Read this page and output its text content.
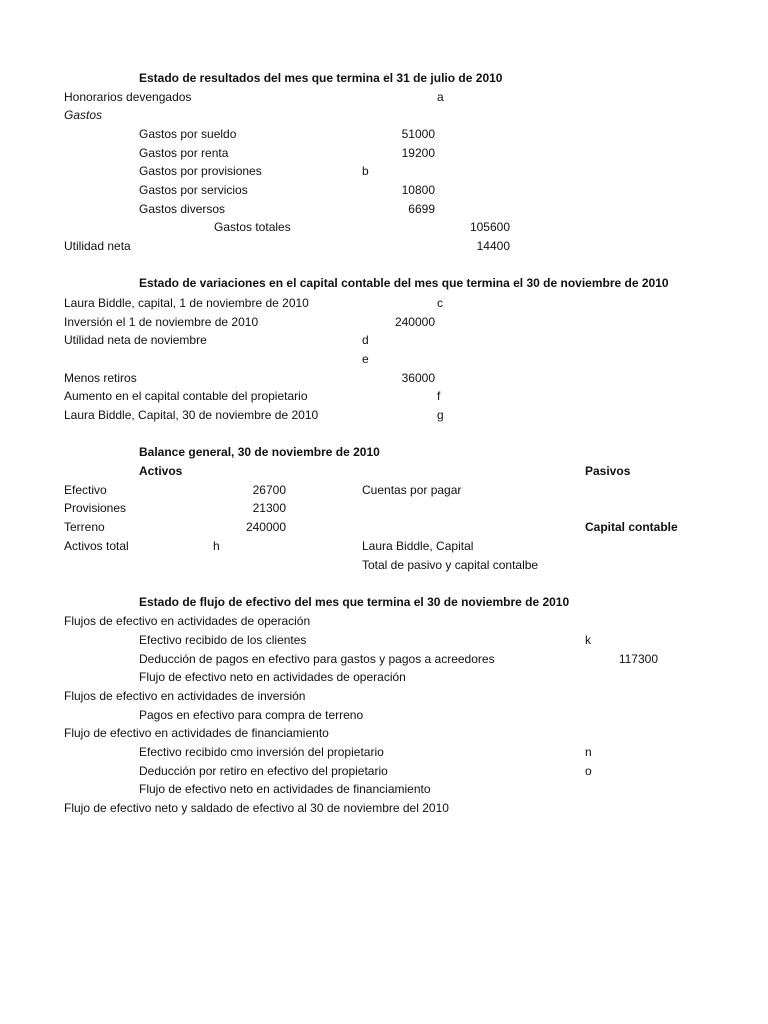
Estado de resultados del mes que termina el 31 de julio de 2010
Honorarios devengados	a
Gastos
Gastos por sueldo	51000
Gastos por renta	19200
Gastos por provisiones	b
Gastos por servicios	10800
Gastos diversos	6699
Gastos totales	105600
Utilidad neta	14400
Estado de variaciones en el capital contable del mes que termina el 30 de noviembre de 2010
Laura Biddle, capital, 1 de noviembre de 2010	c
Inversión el 1 de noviembre de 2010	240000
Utilidad neta de noviembre	d
e
Menos retiros	36000
Aumento en el capital contable del propietario	f
Laura Biddle, Capital, 30 de noviembre de 2010	g
Balance general, 30 de noviembre de 2010
Activos	Pasivos
Efectivo	26700	Cuentas por pagar
Provisiones	21300
Terreno	240000	Capital contable
Activos total	h	Laura Biddle, Capital
Total de pasivo y capital contalbe
Estado de flujo de efectivo del mes que termina el 30 de noviembre de 2010
Flujos de efectivo en actividades de operación
Efectivo recibido de los clientes	k
Deducción de pagos en efectivo para gastos y pagos a acreedores	117300
Flujo de efectivo neto en actividades de operación
Flujos de efectivo en actividades de inversión
Pagos en efectivo para compra de terreno
Flujo de efectivo en actividades de financiamiento
Efectivo recibido cmo inversión del propietario	n
Deducción por retiro en efectivo del propietario	o
Flujo de efectivo neto en actividades de financiamiento
Flujo de efectivo neto y saldado de efectivo al 30 de noviembre del 2010
